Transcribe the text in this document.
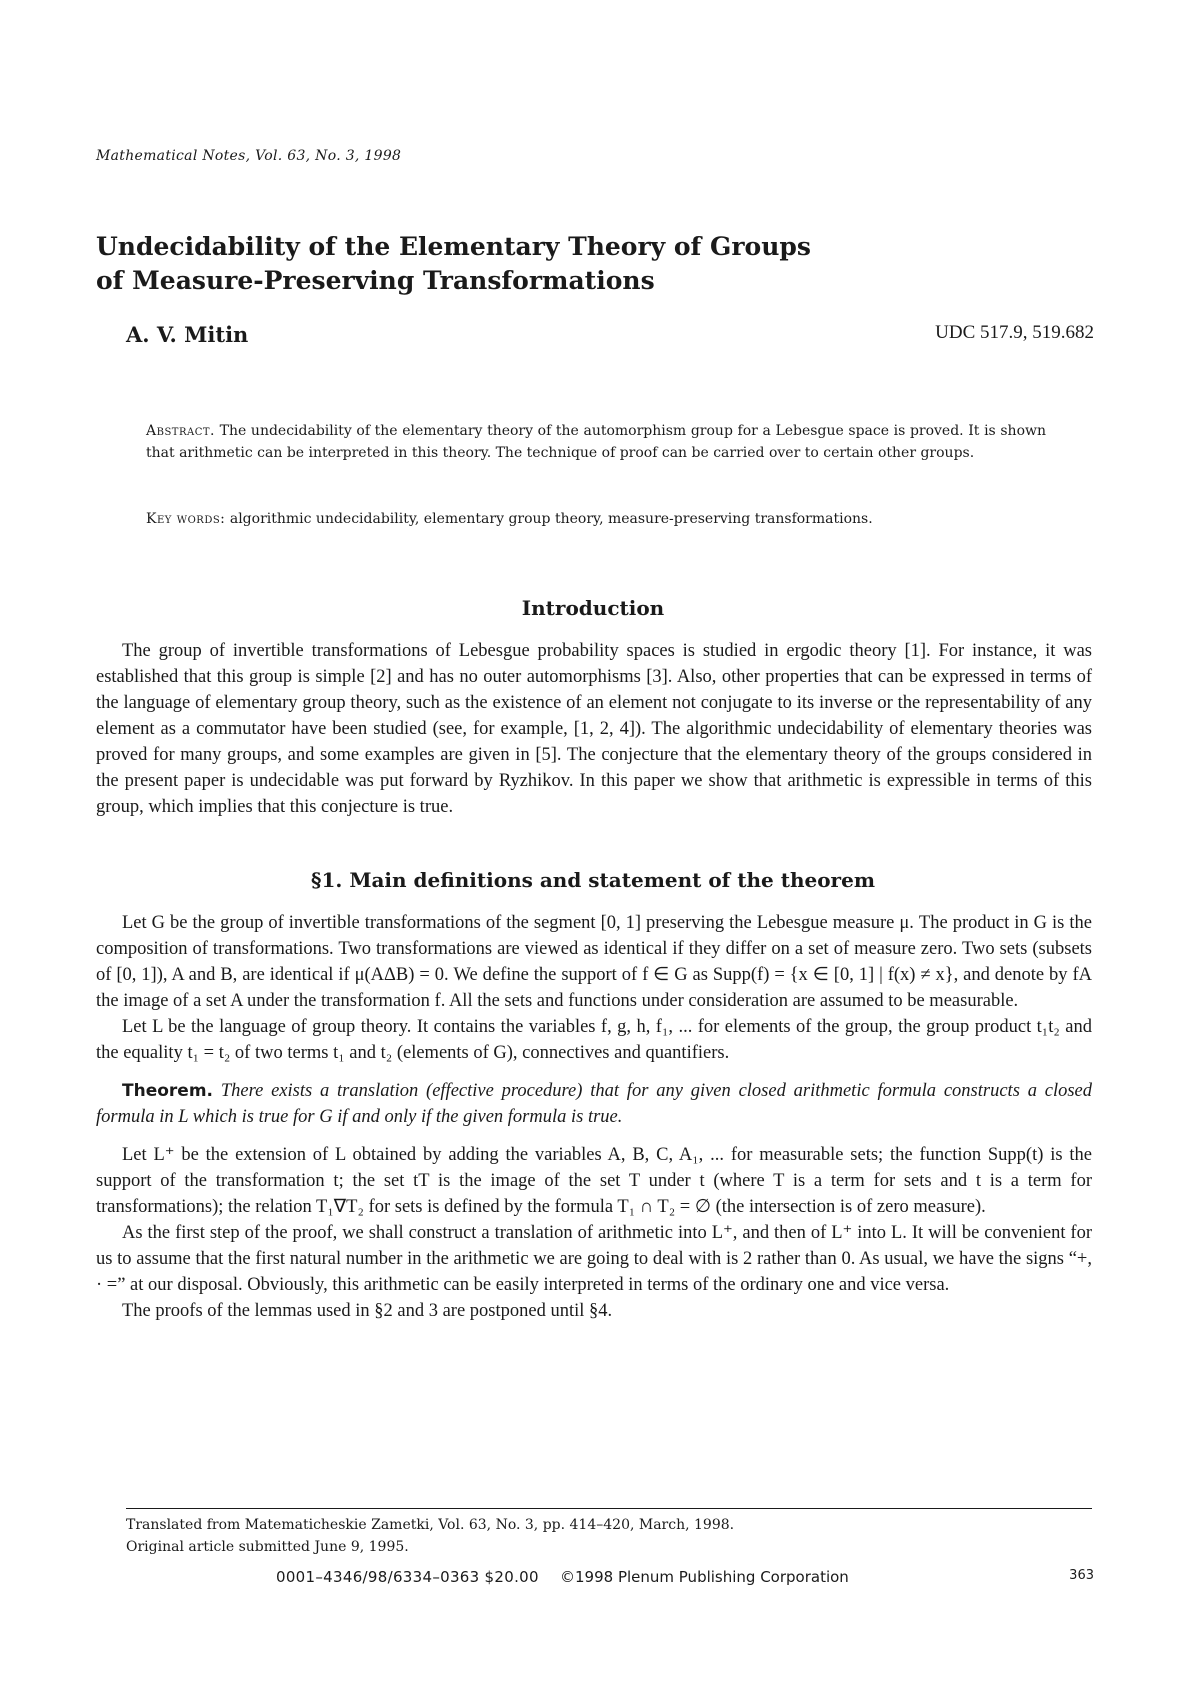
Mathematical Notes, Vol. 63, No. 3, 1998
Undecidability of the Elementary Theory of Groups
of Measure-Preserving Transformations
A. V. Mitin	UDC 517.9, 519.682
Abstract. The undecidability of the elementary theory of the automorphism group for a Lebesgue space is proved. It is shown that arithmetic can be interpreted in this theory. The technique of proof can be carried over to certain other groups.
Key words: algorithmic undecidability, elementary group theory, measure-preserving transformations.
Introduction

The group of invertible transformations of Lebesgue probability spaces is studied in ergodic theory [1]. For instance, it was established that this group is simple [2] and has no outer automorphisms [3]. Also, other properties that can be expressed in terms of the language of elementary group theory, such as the existence of an element not conjugate to its inverse or the representability of any element as a commutator have been studied (see, for example, [1, 2, 4]). The algorithmic undecidability of elementary theories was proved for many groups, and some examples are given in [5]. The conjecture that the elementary theory of the groups considered in the present paper is undecidable was put forward by Ryzhikov. In this paper we show that arithmetic is expressible in terms of this group, which implies that this conjecture is true.

§1. Main definitions and statement of the theorem

Let G be the group of invertible transformations of the segment [0, 1] preserving the Lebesgue measure μ. The product in G is the composition of transformations. Two transformations are viewed as identical if they differ on a set of measure zero. Two sets (subsets of [0, 1]), A and B, are identical if μ(AΔB) = 0. We define the support of f ∈ G as Supp(f) = {x ∈ [0, 1] | f(x) ≠ x}, and denote by fA the image of a set A under the transformation f. All the sets and functions under consideration are assumed to be measurable.

Let L be the language of group theory. It contains the variables f, g, h, f₁, ... for elements of the group, the group product t₁t₂ and the equality t₁ = t₂ of two terms t₁ and t₂ (elements of G), connectives and quantifiers.

Theorem. There exists a translation (effective procedure) that for any given closed arithmetic formula constructs a closed formula in L which is true for G if and only if the given formula is true.

Let L⁺ be the extension of L obtained by adding the variables A, B, C, A₁, ... for measurable sets; the function Supp(t) is the support of the transformation t; the set tT is the image of the set T under t (where T is a term for sets and t is a term for transformations); the relation T₁∇T₂ for sets is defined by the formula T₁ ∩ T₂ = ∅ (the intersection is of zero measure).

As the first step of the proof, we shall construct a translation of arithmetic into L⁺, and then of L⁺ into L. It will be convenient for us to assume that the first natural number in the arithmetic we are going to deal with is 2 rather than 0. As usual, we have the signs “+, · =” at our disposal. Obviously, this arithmetic can be easily interpreted in terms of the ordinary one and vice versa.

The proofs of the lemmas used in §2 and 3 are postponed until §4.

Translated from Matematicheskie Zametki, Vol. 63, No. 3, pp. 414–420, March, 1998.
Original article submitted June 9, 1995.
0001–4346/98/6334–0363 $20.00 ©1998 Plenum Publishing Corporation	363
